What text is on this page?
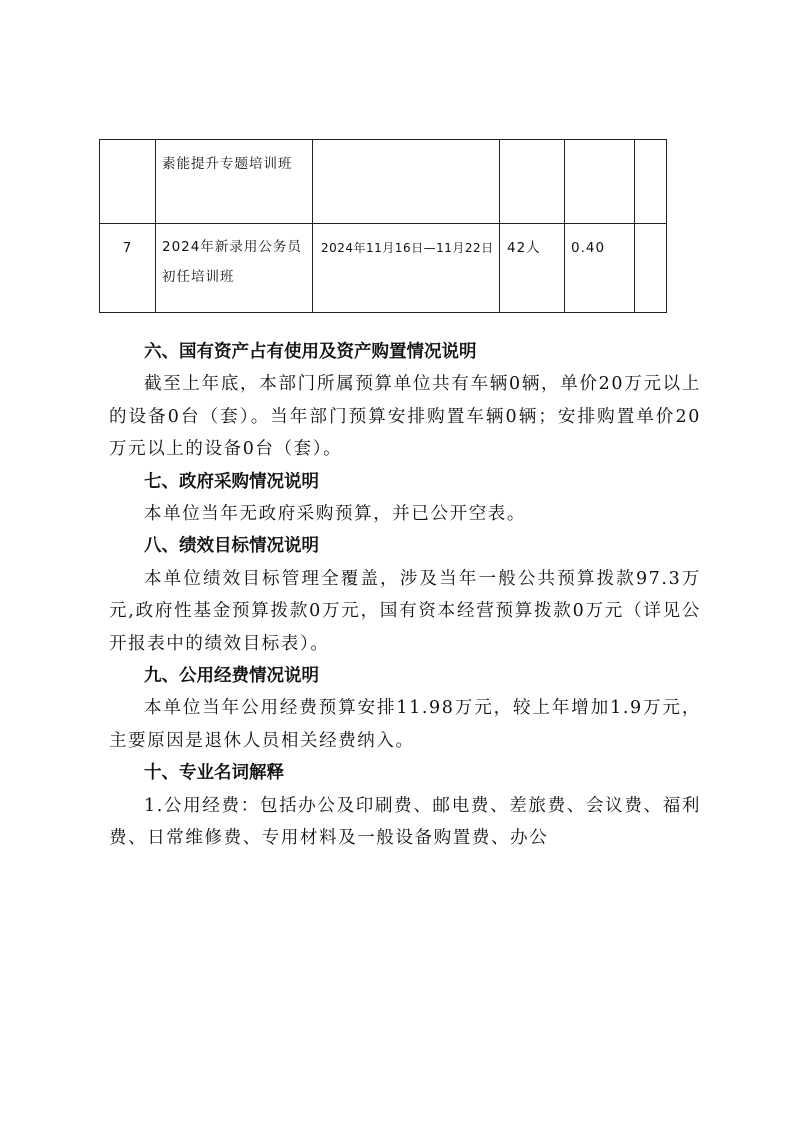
	素能提升专题培训班				
7	2024年新录用公务员初任培训班	2024年11月16日—11月22日	42人	0.40	

六、国有资产占有使用及资产购置情况说明

截至上年底，本部门所属预算单位共有车辆0辆，单价20万元以上的设备0台（套）。当年部门预算安排购置车辆0辆；安排购置单价20万元以上的设备0台（套）。

七、政府采购情况说明

本单位当年无政府采购预算，并已公开空表。

八、绩效目标情况说明

本单位绩效目标管理全覆盖，涉及当年一般公共预算拨款97.3万元,政府性基金预算拨款0万元，国有资本经营预算拨款0万元（详见公开报表中的绩效目标表）。

九、公用经费情况说明

本单位当年公用经费预算安排11.98万元，较上年增加1.9万元，主要原因是退休人员相关经费纳入。

十、专业名词解释

1.公用经费：包括办公及印刷费、邮电费、差旅费、会议费、福利费、日常维修费、专用材料及一般设备购置费、办公
